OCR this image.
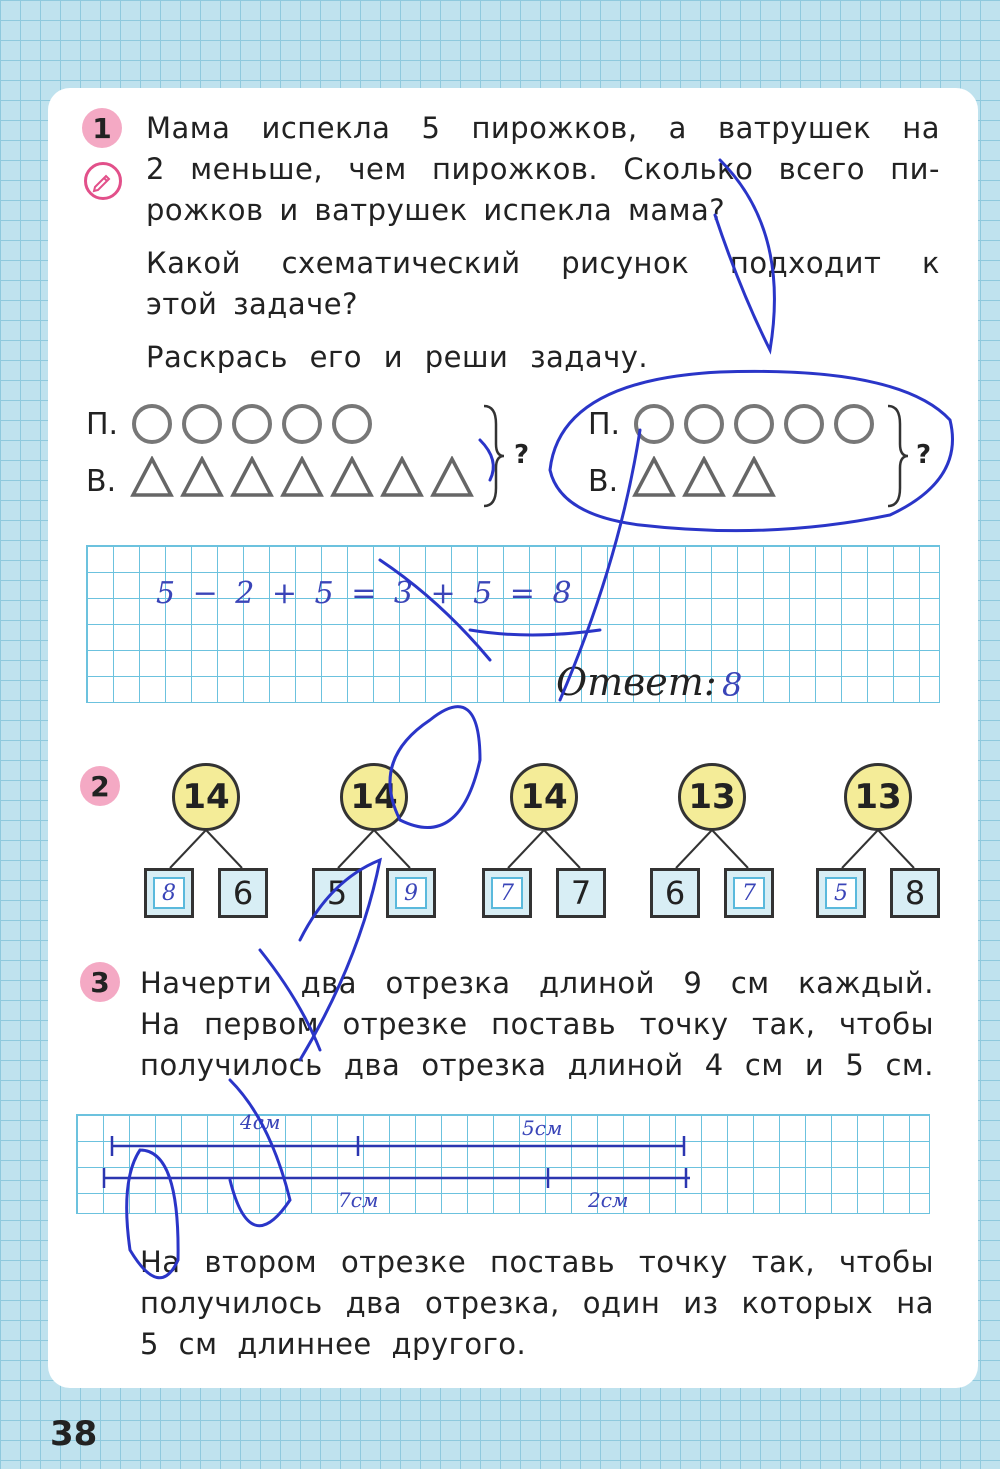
1	Мама испекла 5 пирожков, а ватрушек на
2 меньше, чем пирожков. Сколько всего пи-
рожков и ватрушек испекла мама?
Какой схематический рисунок подходит к
этой задаче?
Раскрась его и реши задачу.
П.
В.
?
П.
В.
?
5 − 2 + 5 = 3 + 5 = 8
Ответ: 8
2	14
8	6
14
5	9
14
7	7
13
6	7
13
5	8
3	Начерти два отрезка длиной 9 см каждый.
На первом отрезке поставь точку так, чтобы
получилось два отрезка длиной 4 см и 5 см.
4см	5см
7см	2см
На втором отрезке поставь точку так, чтобы
получилось два отрезка, один из которых на
5 см длиннее другого.
38
